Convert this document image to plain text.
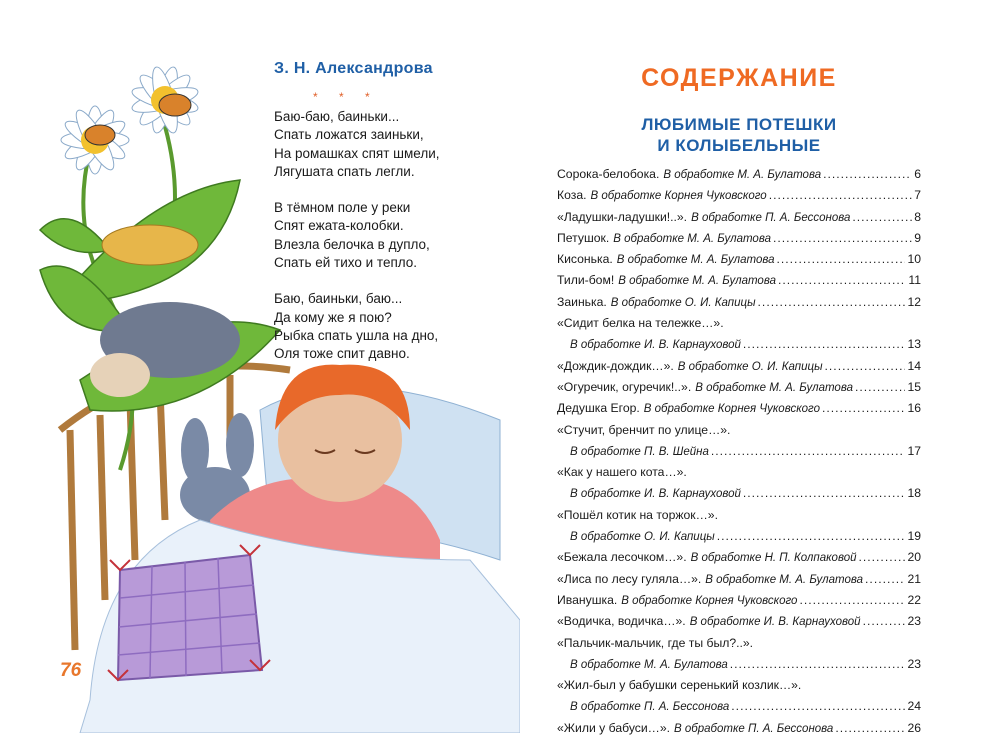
З. Н. Александрова
* * *
Баю-баю, баиньки...
Спать ложатся заиньки,
На ромашках спят шмели,
Лягушата спать легли.
В тёмном поле у реки
Спят ежата-колобки.
Влезла белочка в дупло,
Спать ей тихо и тепло.
Баю, баиньки, баю...
Да кому же я пою?
Рыбка спать ушла на дно,
Оля тоже спит давно.
76
СОДЕРЖАНИЕ
ЛЮБИМЫЕ ПОТЕШКИ
И КОЛЫБЕЛЬНЫЕ
Сорока-белобока. В обработке М. А. Булатова .....	6
Коза. В обработке Корнея Чуковского .....	7
«Ладушки-ладушки!..». В обработке П. А. Бессонова .....	8
Петушок. В обработке М. А. Булатова .....	9
Кисонька. В обработке М. А. Булатова .....	10
Тили-бом! В обработке М. А. Булатова .....	11
Заинька. В обработке О. И. Капицы .....	12
«Сидит белка на тележке…».
В обработке И. В. Карнауховой .....	13
«Дождик-дождик…». В обработке О. И. Капицы .....	14
«Огуречик, огуречик!..». В обработке М. А. Булатова .....	15
Дедушка Егор. В обработке Корнея Чуковского .....	16
«Стучит, бренчит по улице…».
В обработке П. В. Шейна .....	17
«Как у нашего кота…».
В обработке И. В. Карнауховой .....	18
«Пошёл котик на торжок…».
В обработке О. И. Капицы .....	19
«Бежала лесочком…». В обработке Н. П. Колпаковой .....	20
«Лиса по лесу гуляла…». В обработке М. А. Булатова .....	21
Иванушка. В обработке Корнея Чуковского .....	22
«Водичка, водичка…». В обработке И. В. Карнауховой .....	23
«Пальчик-мальчик, где ты был?..».
В обработке М. А. Булатова .....	23
«Жил-был у бабушки серенький козлик…».
В обработке П. А. Бессонова .....	24
«Жили у бабуси…». В обработке П. А. Бессонова .....	26
